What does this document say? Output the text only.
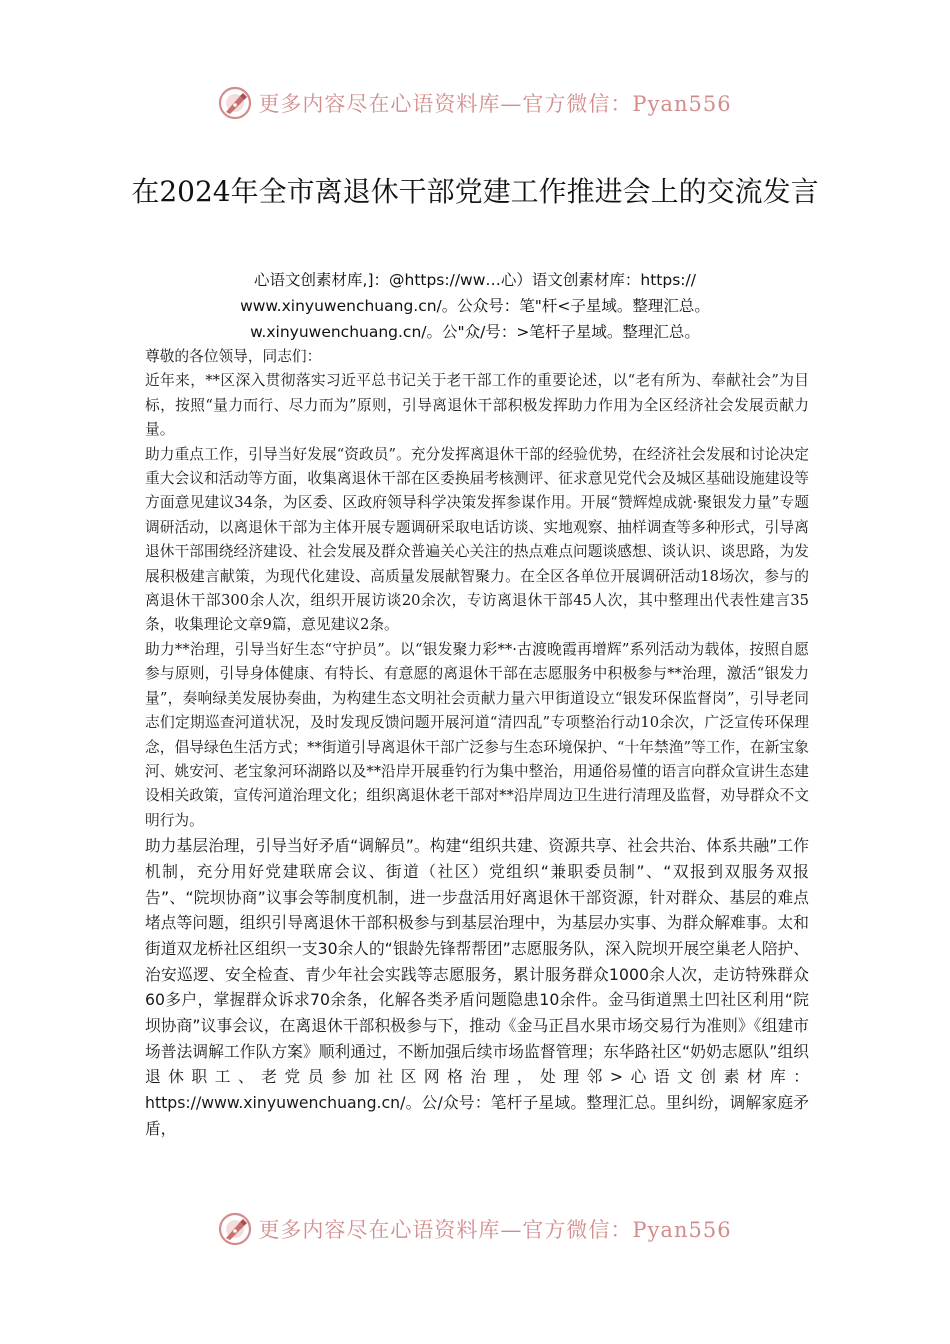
更多内容尽在心语资料库—官方微信：Pyan556
在2024年全市离退休干部党建工作推进会上的交流发言
心语文创素材库,]：@https://ww…心）语文创素材库：https://
www.xinyuwenchuang.cn/。公众号：笔"杆<子星域。整理汇总。
w.xinyuwenchuang.cn/。公"众/号：>笔杆子星域。整理汇总。

尊敬的各位领导，同志们：

近年来，**区深入贯彻落实习近平总书记关于老干部工作的重要论述，以“老有所为、奉献社会”为目标，按照“量力而行、尽力而为”原则，引导离退休干部积极发挥助力作用为全区经济社会发展贡献力量。

助力重点工作，引导当好发展“资政员”。充分发挥离退休干部的经验优势，在经济社会发展和讨论决定重大会议和活动等方面，收集离退休干部在区委换届考核测评、征求意见党代会及城区基础设施建设等方面意见建议34条，为区委、区政府领导科学决策发挥参谋作用。开展“赞辉煌成就·聚银发力量”专题调研活动，以离退休干部为主体开展专题调研采取电话访谈、实地观察、抽样调查等多种形式，引导离退休干部围绕经济建设、社会发展及群众普遍关心关注的热点难点问题谈感想、谈认识、谈思路，为发展积极建言献策，为现代化建设、高质量发展献智聚力。在全区各单位开展调研活动18场次，参与的离退休干部300余人次，组织开展访谈20余次，专访离退休干部45人次，其中整理出代表性建言35条，收集理论文章9篇，意见建议2条。

助力**治理，引导当好生态“守护员”。以“银发聚力彩**·古渡晚霞再增辉”系列活动为载体，按照自愿参与原则，引导身体健康、有特长、有意愿的离退休干部在志愿服务中积极参与**治理，激活“银发力量”，奏响绿美发展协奏曲，为构建生态文明社会贡献力量六甲街道设立“银发环保监督岗”，引导老同志们定期巡查河道状况，及时发现反馈问题开展河道“清四乱”专项整治行动10余次，广泛宣传环保理念，倡导绿色生活方式；**街道引导离退休干部广泛参与生态环境保护、“十年禁渔”等工作，在新宝象河、姚安河、老宝象河环湖路以及**沿岸开展垂钓行为集中整治，用通俗易懂的语言向群众宣讲生态建设相关政策，宣传河道治理文化；组织离退休老干部对**沿岸周边卫生进行清理及监督，劝导群众不文明行为。

助力基层治理，引导当好矛盾“调解员”。构建“组织共建、资源共享、社会共治、体系共融”工作机制，充分用好党建联席会议、街道（社区）党组织“兼职委员制”、“双报到双服务双报告”、“院坝协商”议事会等制度机制，进一步盘活用好离退休干部资源，针对群众、基层的难点堵点等问题，组织引导离退休干部积极参与到基层治理中，为基层办实事、为群众解难事。太和街道双龙桥社区组织一支30余人的“银龄先锋帮帮团”志愿服务队，深入院坝开展空巢老人陪护、治安巡逻、安全检查、青少年社会实践等志愿服务，累计服务群众1000余人次，走访特殊群众60多户，掌握群众诉求70余条，化解各类矛盾问题隐患10余件。金马街道黑土凹社区利用“院坝协商”议事会议，在离退休干部积极参与下，推动《金马正昌水果市场交易行为准则》《组建市场普法调解工作队方案》顺利通过，不断加强后续市场监督管理；东华路社区“奶奶志愿队”组织退休职工、老党员参加社区网格治理，处理邻>心语文创素材库：https://www.xinyuwenchuang.cn/。公/众号：笔杆子星域。整理汇总。里纠纷，调解家庭矛盾，

更多内容尽在心语资料库—官方微信：Pyan556
